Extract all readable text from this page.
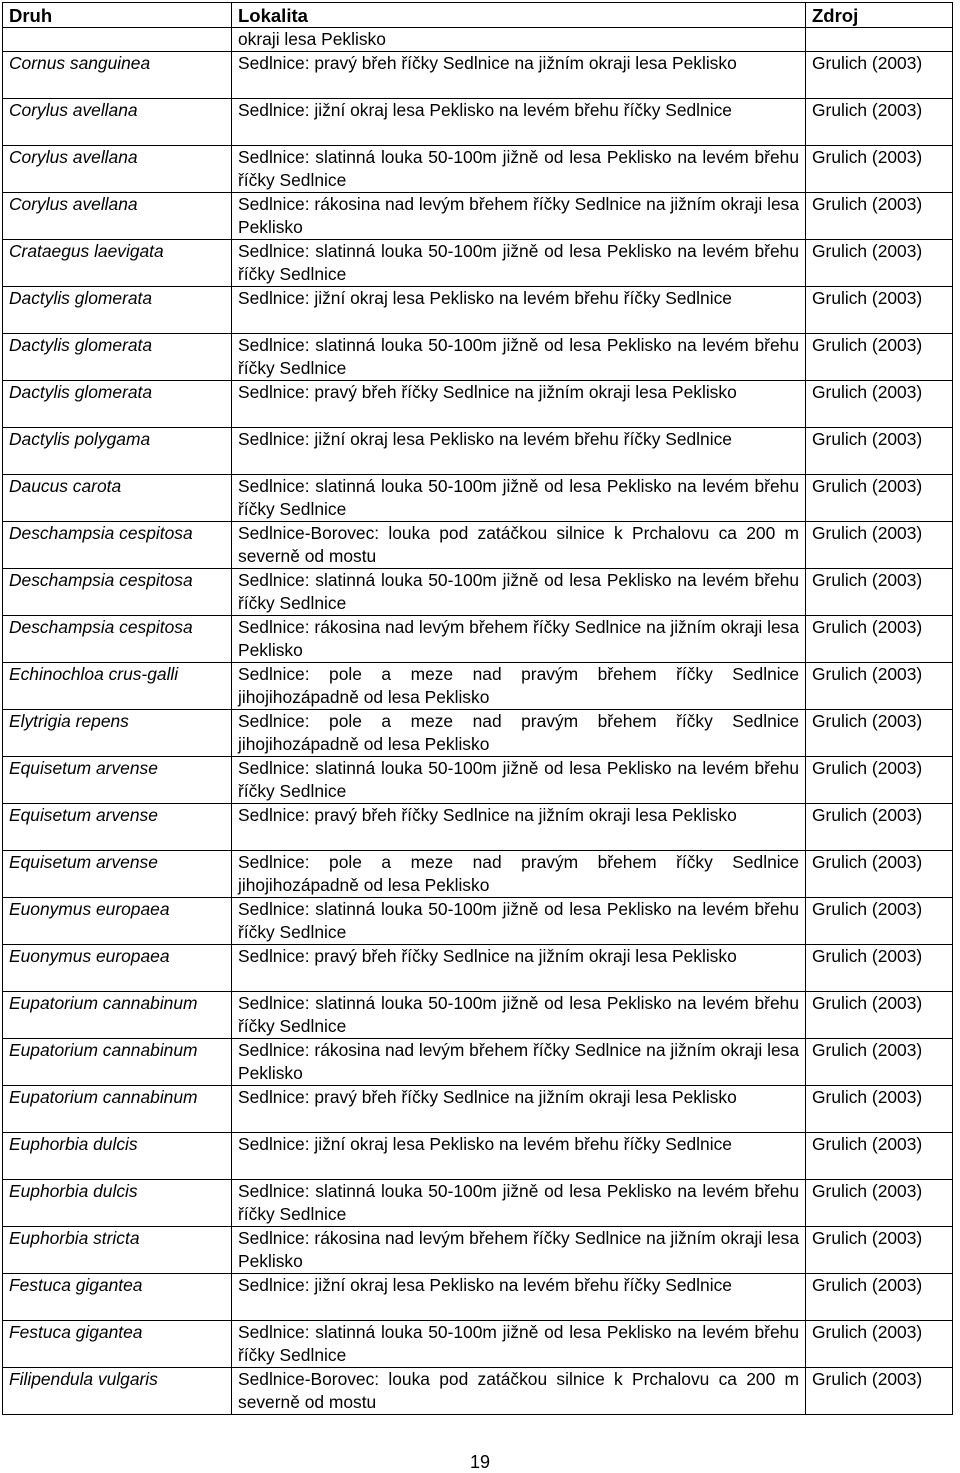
Druh	Lokalita	Zdroj
	okraji lesa Peklisko	
Cornus sanguinea	Sedlnice: pravý břeh říčky Sedlnice na jižním okraji lesa Peklisko	Grulich (2003)
Corylus avellana	Sedlnice: jižní okraj lesa Peklisko na levém břehu říčky Sedlnice	Grulich (2003)
Corylus avellana	Sedlnice: slatinná louka 50-100m jižně od lesa Peklisko na levém břehu říčky Sedlnice	Grulich (2003)
Corylus avellana	Sedlnice: rákosina nad levým břehem říčky Sedlnice na jižním okraji lesa Peklisko	Grulich (2003)
Crataegus laevigata	Sedlnice: slatinná louka 50-100m jižně od lesa Peklisko na levém břehu říčky Sedlnice	Grulich (2003)
Dactylis glomerata	Sedlnice: jižní okraj lesa Peklisko na levém břehu říčky Sedlnice	Grulich (2003)
Dactylis glomerata	Sedlnice: slatinná louka 50-100m jižně od lesa Peklisko na levém břehu říčky Sedlnice	Grulich (2003)
Dactylis glomerata	Sedlnice: pravý břeh říčky Sedlnice na jižním okraji lesa Peklisko	Grulich (2003)
Dactylis polygama	Sedlnice: jižní okraj lesa Peklisko na levém břehu říčky Sedlnice	Grulich (2003)
Daucus carota	Sedlnice: slatinná louka 50-100m jižně od lesa Peklisko na levém břehu říčky Sedlnice	Grulich (2003)
Deschampsia cespitosa	Sedlnice-Borovec: louka pod zatáčkou silnice k Prchalovu ca 200 m severně od mostu	Grulich (2003)
Deschampsia cespitosa	Sedlnice: slatinná louka 50-100m jižně od lesa Peklisko na levém břehu říčky Sedlnice	Grulich (2003)
Deschampsia cespitosa	Sedlnice: rákosina nad levým břehem říčky Sedlnice na jižním okraji lesa Peklisko	Grulich (2003)
Echinochloa crus-galli	Sedlnice: pole a meze nad pravým břehem říčky Sedlnice jihojihozápadně od lesa Peklisko	Grulich (2003)
Elytrigia repens	Sedlnice: pole a meze nad pravým břehem říčky Sedlnice jihojihozápadně od lesa Peklisko	Grulich (2003)
Equisetum arvense	Sedlnice: slatinná louka 50-100m jižně od lesa Peklisko na levém břehu říčky Sedlnice	Grulich (2003)
Equisetum arvense	Sedlnice: pravý břeh říčky Sedlnice na jižním okraji lesa Peklisko	Grulich (2003)
Equisetum arvense	Sedlnice: pole a meze nad pravým břehem říčky Sedlnice jihojihozápadně od lesa Peklisko	Grulich (2003)
Euonymus europaea	Sedlnice: slatinná louka 50-100m jižně od lesa Peklisko na levém břehu říčky Sedlnice	Grulich (2003)
Euonymus europaea	Sedlnice: pravý břeh říčky Sedlnice na jižním okraji lesa Peklisko	Grulich (2003)
Eupatorium cannabinum	Sedlnice: slatinná louka 50-100m jižně od lesa Peklisko na levém břehu říčky Sedlnice	Grulich (2003)
Eupatorium cannabinum	Sedlnice: rákosina nad levým břehem říčky Sedlnice na jižním okraji lesa Peklisko	Grulich (2003)
Eupatorium cannabinum	Sedlnice: pravý břeh říčky Sedlnice na jižním okraji lesa Peklisko	Grulich (2003)
Euphorbia dulcis	Sedlnice: jižní okraj lesa Peklisko na levém břehu říčky Sedlnice	Grulich (2003)
Euphorbia dulcis	Sedlnice: slatinná louka 50-100m jižně od lesa Peklisko na levém břehu říčky Sedlnice	Grulich (2003)
Euphorbia stricta	Sedlnice: rákosina nad levým břehem říčky Sedlnice na jižním okraji lesa Peklisko	Grulich (2003)
Festuca gigantea	Sedlnice: jižní okraj lesa Peklisko na levém břehu říčky Sedlnice	Grulich (2003)
Festuca gigantea	Sedlnice: slatinná louka 50-100m jižně od lesa Peklisko na levém břehu říčky Sedlnice	Grulich (2003)
Filipendula vulgaris	Sedlnice-Borovec: louka pod zatáčkou silnice k Prchalovu ca 200 m severně od mostu	Grulich (2003)
19
